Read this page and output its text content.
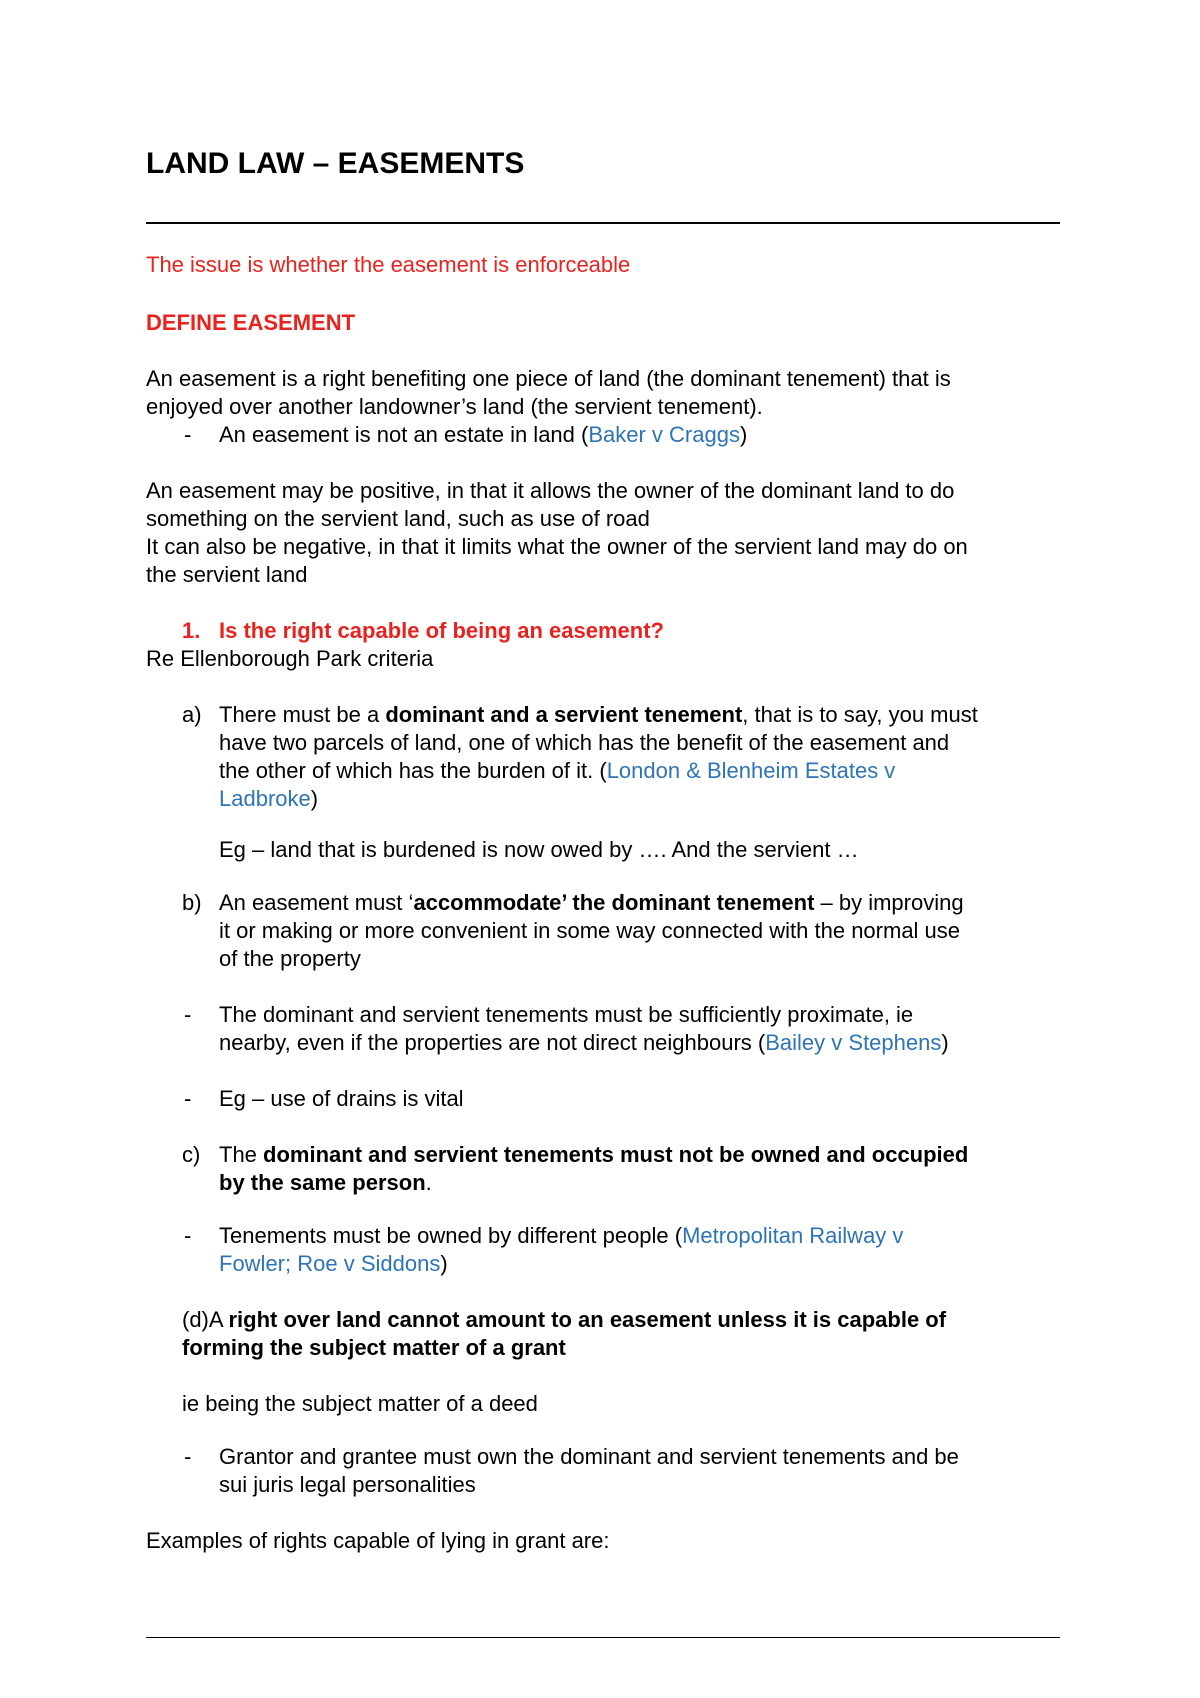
LAND LAW – EASEMENTS
The issue is whether the easement is enforceable
DEFINE EASEMENT
An easement is a right benefiting one piece of land (the dominant tenement) that is
enjoyed over another landowner’s land (the servient tenement).
- An easement is not an estate in land (Baker v Craggs)
An easement may be positive, in that it allows the owner of the dominant land to do
something on the servient land, such as use of road
It can also be negative, in that it limits what the owner of the servient land may do on
the servient land
1. Is the right capable of being an easement?
Re Ellenborough Park criteria
a) There must be a dominant and a servient tenement, that is to say, you must
have two parcels of land, one of which has the benefit of the easement and
the other of which has the burden of it. (London & Blenheim Estates v
Ladbroke)
Eg – land that is burdened is now owed by …. And the servient …
b) An easement must ‘accommodate’ the dominant tenement – by improving
it or making or more convenient in some way connected with the normal use
of the property
- The dominant and servient tenements must be sufficiently proximate, ie
nearby, even if the properties are not direct neighbours (Bailey v Stephens)
- Eg – use of drains is vital
c) The dominant and servient tenements must not be owned and occupied
by the same person.
- Tenements must be owned by different people (Metropolitan Railway v
Fowler; Roe v Siddons)
(d)A right over land cannot amount to an easement unless it is capable of
forming the subject matter of a grant
ie being the subject matter of a deed
- Grantor and grantee must own the dominant and servient tenements and be
sui juris legal personalities
Examples of rights capable of lying in grant are:
